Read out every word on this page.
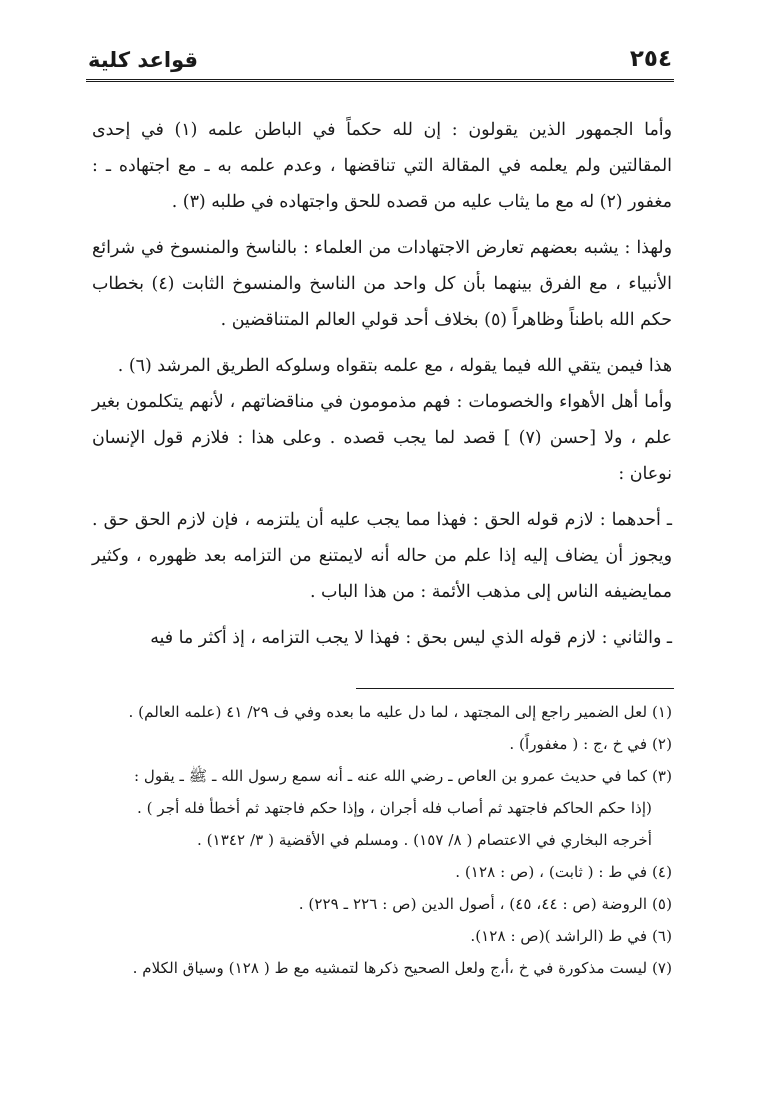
٢٥٤
قواعد كلية

وأما الجمهور الذين يقولون : إن لله حكماً في الباطن علمه (١) في إحدى المقالتين ولم يعلمه في المقالة التي تناقضها ، وعدم علمه به ـ مع اجتهاده ـ : مغفور (٢) له مع ما يثاب عليه من قصده للحق واجتهاده في طلبه (٣) .

ولهذا : يشبه بعضهم تعارض الاجتهادات من العلماء : بالناسخ والمنسوخ في شرائع الأنبياء ، مع الفرق بينهما بأن كل واحد من الناسخ والمنسوخ الثابت (٤) بخطاب حكم الله باطناً وظاهراً (٥) بخلاف أحد قولي العالم المتناقضين .

هذا فيمن يتقي الله فيما يقوله ، مع علمه بتقواه وسلوكه الطريق المرشد (٦) .

وأما أهل الأهواء والخصومات : فهم مذمومون في مناقضاتهم ، لأنهم يتكلمون بغير علم ، ولا [حسن (٧) ] قصد لما يجب قصده . وعلى هذا : فلازم قول الإنسان نوعان :

ـ أحدهما : لازم قوله الحق : فهذا مما يجب عليه أن يلتزمه ، فإن لازم الحق حق . ويجوز أن يضاف إليه إذا علم من حاله أنه لايمتنع من التزامه بعد ظهوره ، وكثير ممايضيفه الناس إلى مذهب الأئمة : من هذا الباب .

ـ والثاني : لازم قوله الذي ليس بحق : فهذا لا يجب التزامه ، إذ أكثر ما فيه

(١) لعل الضمير راجع إلى المجتهد ، لما دل عليه ما بعده وفي ف ٢٩/ ٤١ (علمه العالم) .

(٢) في خ ،ج : ( مغفوراً) .

(٣) كما في حديث عمرو بن العاص ـ رضي الله عنه ـ أنه سمع رسول الله ـ ﷺ ـ يقول :

(إذا حكم الحاكم فاجتهد ثم أصاب فله أجران ، وإذا حكم فاجتهد ثم أخطأ فله أجر ) .

أخرجه البخاري في الاعتصام ( ٨/ ١٥٧) . ومسلم في الأقضية ( ٣/ ١٣٤٢) .

(٤) في ط : ( ثابت) ، (ص : ١٢٨) .

(٥) الروضة (ص : ٤٤، ٤٥) ، أصول الدين (ص : ٢٢٦ ـ ٢٢٩) .

(٦) في ط (الراشد )(ص : ١٢٨).

(٧) ليست مذكورة في خ ،أ،ج ولعل الصحيح ذكرها لتمشيه مع ط ( ١٢٨) وسياق الكلام .
